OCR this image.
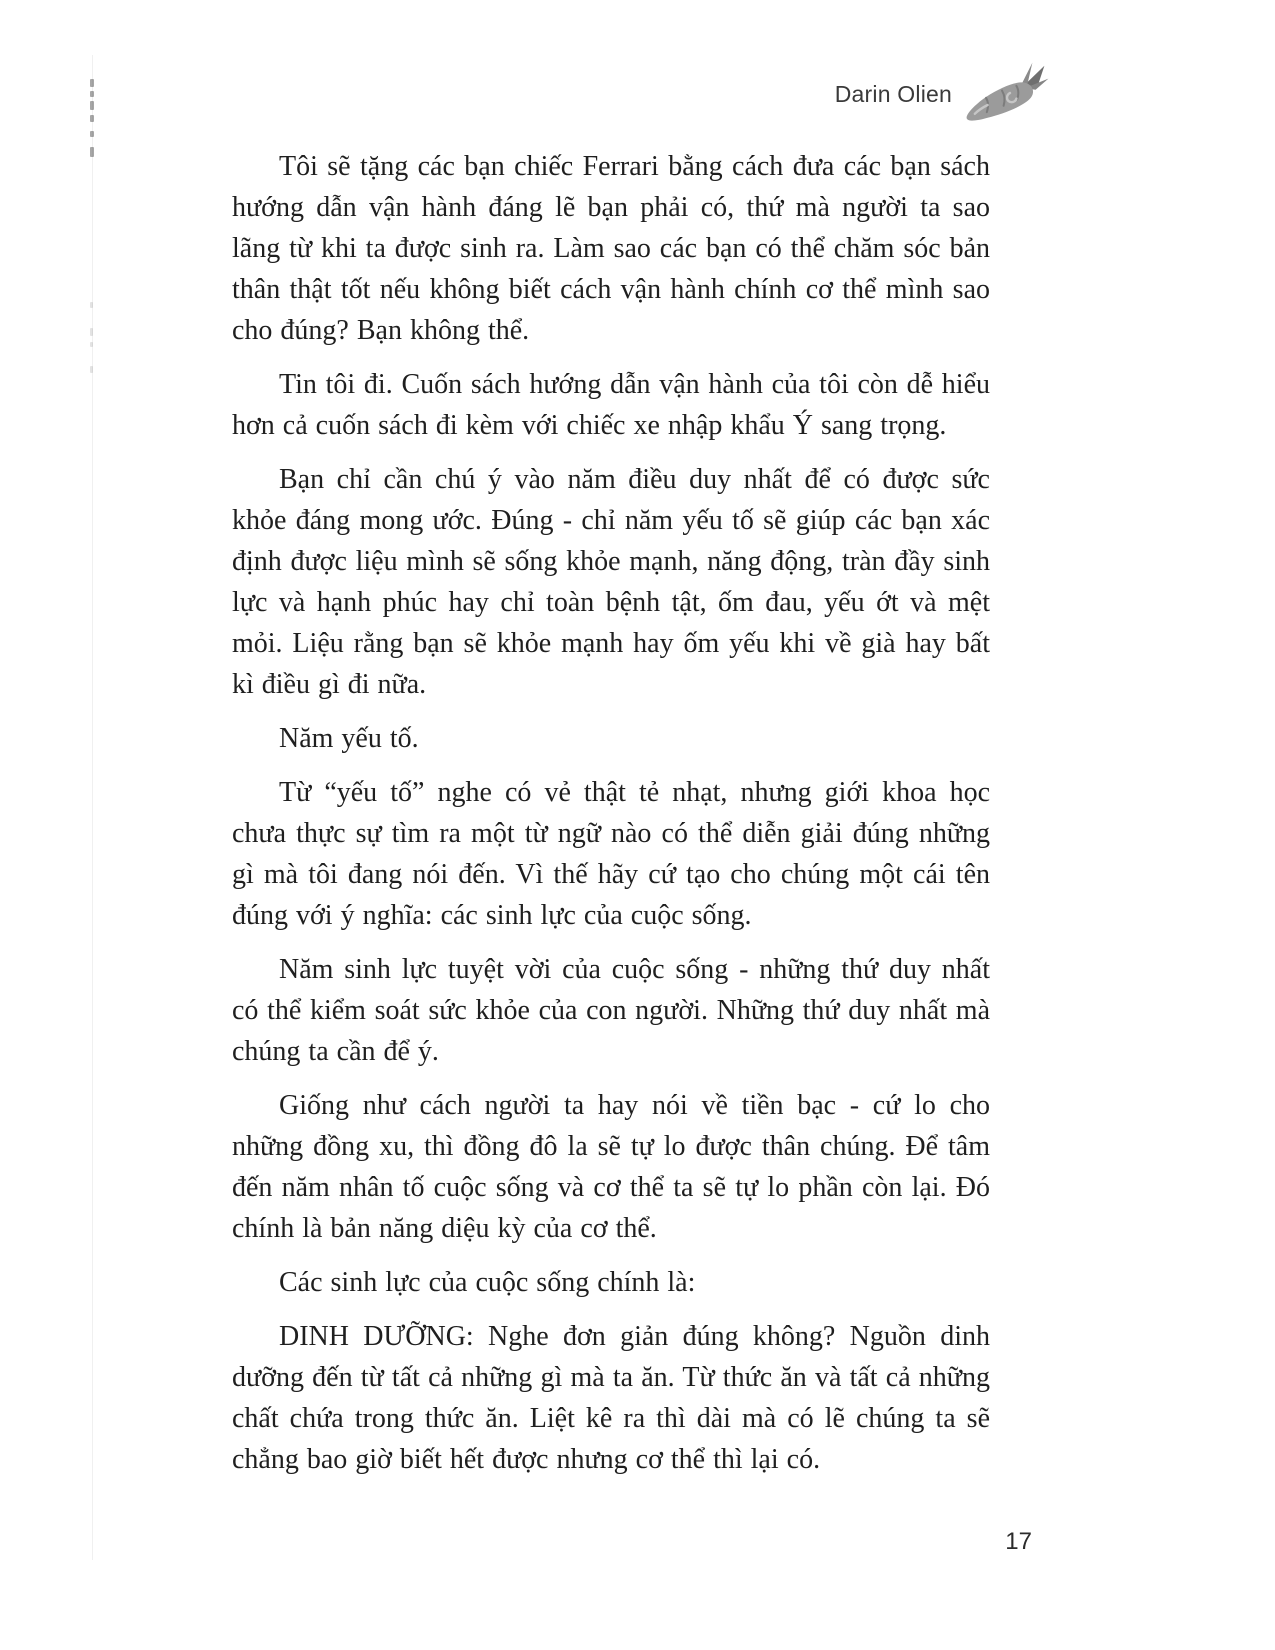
Darin Olien

Tôi sẽ tặng các bạn chiếc Ferrari bằng cách đưa các bạn sách hướng dẫn vận hành đáng lẽ bạn phải có, thứ mà người ta sao lãng từ khi ta được sinh ra. Làm sao các bạn có thể chăm sóc bản thân thật tốt nếu không biết cách vận hành chính cơ thể mình sao cho đúng? Bạn không thể.

Tin tôi đi. Cuốn sách hướng dẫn vận hành của tôi còn dễ hiểu hơn cả cuốn sách đi kèm với chiếc xe nhập khẩu Ý sang trọng.

Bạn chỉ cần chú ý vào năm điều duy nhất để có được sức khỏe đáng mong ước. Đúng - chỉ năm yếu tố sẽ giúp các bạn xác định được liệu mình sẽ sống khỏe mạnh, năng động, tràn đầy sinh lực và hạnh phúc hay chỉ toàn bệnh tật, ốm đau, yếu ớt và mệt mỏi. Liệu rằng bạn sẽ khỏe mạnh hay ốm yếu khi về già hay bất kì điều gì đi nữa.

Năm yếu tố.

Từ “yếu tố” nghe có vẻ thật tẻ nhạt, nhưng giới khoa học chưa thực sự tìm ra một từ ngữ nào có thể diễn giải đúng những gì mà tôi đang nói đến. Vì thế hãy cứ tạo cho chúng một cái tên đúng với ý nghĩa: các sinh lực của cuộc sống.

Năm sinh lực tuyệt vời của cuộc sống - những thứ duy nhất có thể kiểm soát sức khỏe của con người. Những thứ duy nhất mà chúng ta cần để ý.

Giống như cách người ta hay nói về tiền bạc - cứ lo cho những đồng xu, thì đồng đô la sẽ tự lo được thân chúng. Để tâm đến năm nhân tố cuộc sống và cơ thể ta sẽ tự lo phần còn lại. Đó chính là bản năng diệu kỳ của cơ thể.

Các sinh lực của cuộc sống chính là:

DINH DƯỠNG: Nghe đơn giản đúng không? Nguồn dinh dưỡng đến từ tất cả những gì mà ta ăn. Từ thức ăn và tất cả những chất chứa trong thức ăn. Liệt kê ra thì dài mà có lẽ chúng ta sẽ chẳng bao giờ biết hết được nhưng cơ thể thì lại có.

17
